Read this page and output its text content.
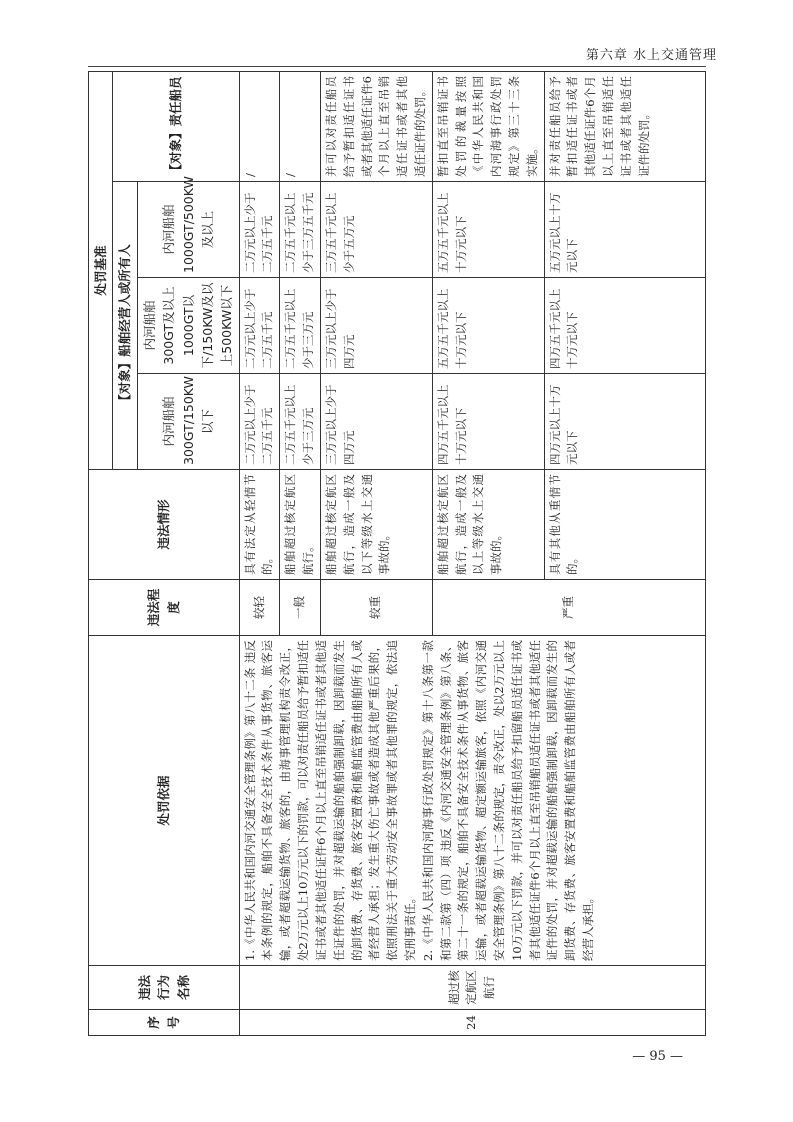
第六章 水上交通管理
序号	违法行为名称	处罚依据	违法程度	违法情形	处罚基准			
					【对象】船舶经营人或所有人			【对象】责任船员
					内河船舶300GT/150KW以下	内河船舶300GT及以上1000GT以下/150KW及以上500KW以下	内河船舶1000GT/500KW及以上	

24	超过核定航区航行	1.《中华人民共和国内河交通安全管理条例》第八十二条 违反本条例的规定，船舶不具备安全技术条件从事货物、旅客运输，或者超载运输货物、旅客的，由海事管理机构责令改正，处2万元以上10万元以下的罚款，可以对责任船员给予暂扣适任证书或者其他适任证件6个月以上直至吊销适任证书或者其他适任证件的处罚，并对超载运输的船舶强制卸载，因卸载而发生的卸货费、存货费、旅客安置费和船舶监管费由船舶所有人或者经营人承担；发生重大伤亡事故或者造成其他严重后果的，依照刑法关于重大劳动安全事故罪或者其他罪的规定，依法追究刑事责任。 2.《中华人民共和国内河海事行政处罚规定》第十八条第一款和第二款第（四）项 违反《内河交通安全管理条例》第八条、第二十一条的规定，船舶不具备安全技术条件从事货物、旅客运输，或者超载运输货物、超定额运输旅客，依照《内河交通安全管理条例》第八十二条的规定，责令改正，处以2万元以上10万元以下罚款，并可以对责任船员给予扣留船员适任证书或者其他适任证件6个月以上直至吊销船员适任证书或者其他适任证件的处罚，并对超载运输的船舶强制卸载，因卸载而发生的卸货费、存货费、旅客安置费和船舶监管费由船舶所有人或者经营人承担。	较轻	具有法定从轻情节的。	二万元以上少于二万五千元	二万元以上少于二万五千元	二万元以上少于二万五千元	/
			一般	船舶超过核定航区航行。	二万五千元以上少于三万元	二万五千元以上少于三万元	二万五千元以上少于三万五千元	/
			较重	船舶超过核定航区航行，造成一般及以下等级水上交通事故的。	三万元以上少于四万元	三万元以上少于四万元	三万五千元以上少于五万元	并可以对责任船员给予暂扣适任证书或者其他适任证件6个月以上直至吊销适任证书或者其他适任证件的处罚。
			严重	船舶超过核定航区航行，造成一般及以上等级水上交通事故的。	四万五千元以上十万元以下	五万五千元以上十万元以下	五万五千元以上十万元以下	暂扣直至吊销证书处罚的裁量按照《中华人民共和国内河海事行政处罚规定》第三十三条实施。
				具有其他从重情节的。	四万元以上十万元以下	四万五千元以上十万元以下	五万元以上十万元以下	并对责任船员给予暂扣适任证书或者其他适任证件6个月以上直至吊销适任证书或者其他适任证件的处罚。
— 95 —
